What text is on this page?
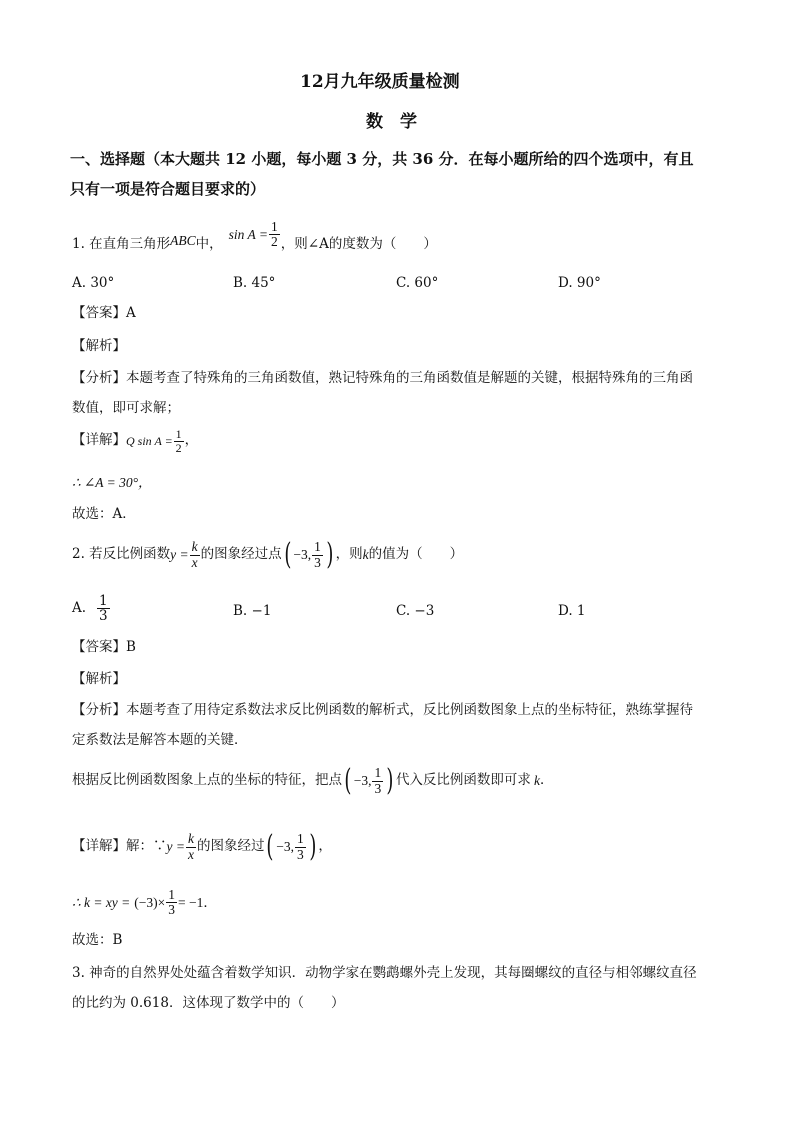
12月九年级质量检测
数　学
一、选择题（本大题共 12 小题，每小题 3 分，共 36 分．在每小题所给的四个选项中，有且
只有一项是符合题目要求的）
1. 在直角三角形 ABC 中，
$\sin A = \frac{1}{2}$ ，则∠A的度数为（　　）
A. 30°	B. 45°	C. 60°	D. 90°
【答案】A
【解析】
【分析】本题考查了特殊角的三角函数值，熟记特殊角的三角函数值是解题的关键，根据特殊角的三角函
数值，即可求解；
【详解】 Q $\sin A = \frac{1}{2}$ ，
∴ ∠A = 30°，
故选：A．
2. 若反比例函数 $y = \frac{k}{x}$ 的图象经过点 ( −3, $\frac{1}{3}$ ) ，则 k 的值为（　　）
A. $\frac{1}{3}$	B. −1	C. −3	D. 1
【答案】B
【解析】
【分析】本题考查了用待定系数法求反比例函数的解析式，反比例函数图象上点的坐标特征，熟练掌握待
定系数法是解答本题的关键．
根据反比例函数图象上点的坐标的特征，把点 ( −3, $\frac{1}{3}$ ) 代入反比例函数即可求 k ．
【详解】解：∵ $y = \frac{k}{x}$ 的图象经过 ( −3, $\frac{1}{3}$ ) ，
∴ k = xy = $(-3)\times \frac{1}{3} = -1$．
故选：B
3. 神奇的自然界处处蕴含着数学知识．动物学家在鹦鹉螺外壳上发现，其每圈螺纹的直径与相邻螺纹直径
的比约为 0.618．这体现了数学中的（　　）
